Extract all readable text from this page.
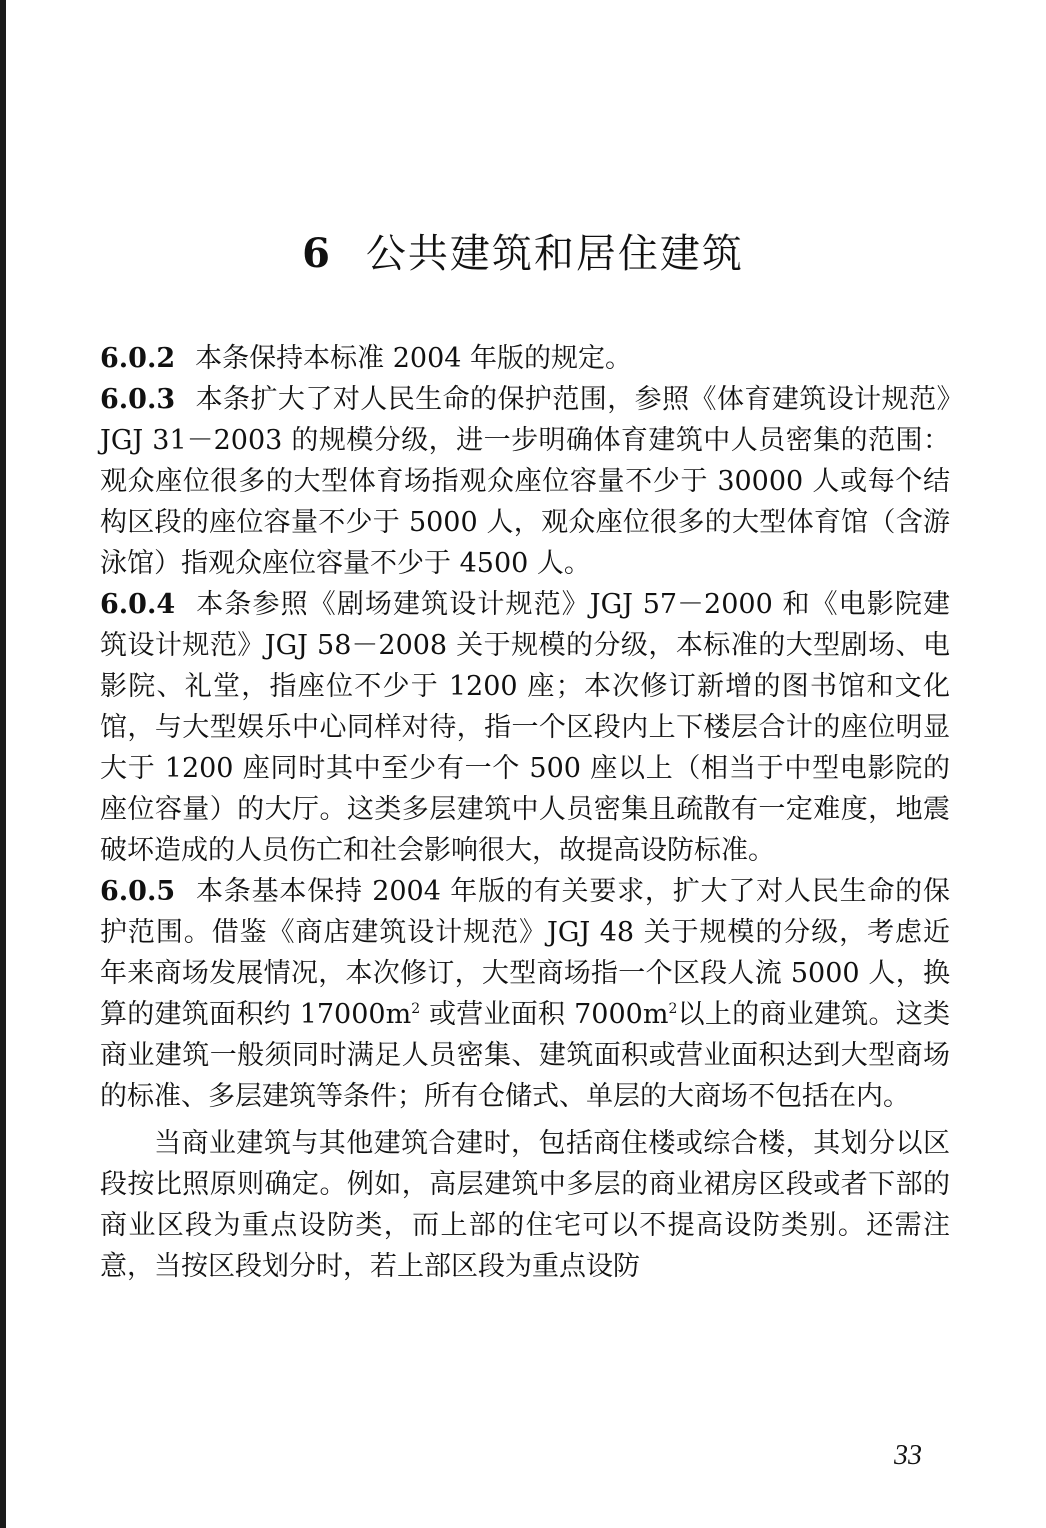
6 公共建筑和居住建筑

6.0.2 本条保持本标准 2004 年版的规定。

6.0.3 本条扩大了对人民生命的保护范围，参照《体育建筑设计规范》JGJ 31－2003 的规模分级，进一步明确体育建筑中人员密集的范围：观众座位很多的大型体育场指观众座位容量不少于 30000 人或每个结构区段的座位容量不少于 5000 人，观众座位很多的大型体育馆（含游泳馆）指观众座位容量不少于 4500 人。

6.0.4 本条参照《剧场建筑设计规范》JGJ 57－2000 和《电影院建筑设计规范》JGJ 58－2008 关于规模的分级，本标准的大型剧场、电影院、礼堂，指座位不少于 1200 座；本次修订新增的图书馆和文化馆，与大型娱乐中心同样对待，指一个区段内上下楼层合计的座位明显大于 1200 座同时其中至少有一个 500 座以上（相当于中型电影院的座位容量）的大厅。这类多层建筑中人员密集且疏散有一定难度，地震破坏造成的人员伤亡和社会影响很大，故提高设防标准。

6.0.5 本条基本保持 2004 年版的有关要求，扩大了对人民生命的保护范围。借鉴《商店建筑设计规范》JGJ 48 关于规模的分级，考虑近年来商场发展情况，本次修订，大型商场指一个区段人流 5000 人，换算的建筑面积约 $17000m^2$ 或营业面积 $7000m^2$以上的商业建筑。这类商业建筑一般须同时满足人员密集、建筑面积或营业面积达到大型商场的标准、多层建筑等条件；所有仓储式、单层的大商场不包括在内。

当商业建筑与其他建筑合建时，包括商住楼或综合楼，其划分以区段按比照原则确定。例如，高层建筑中多层的商业裙房区段或者下部的商业区段为重点设防类，而上部的住宅可以不提高设防类别。还需注意，当按区段划分时，若上部区段为重点设防

33
